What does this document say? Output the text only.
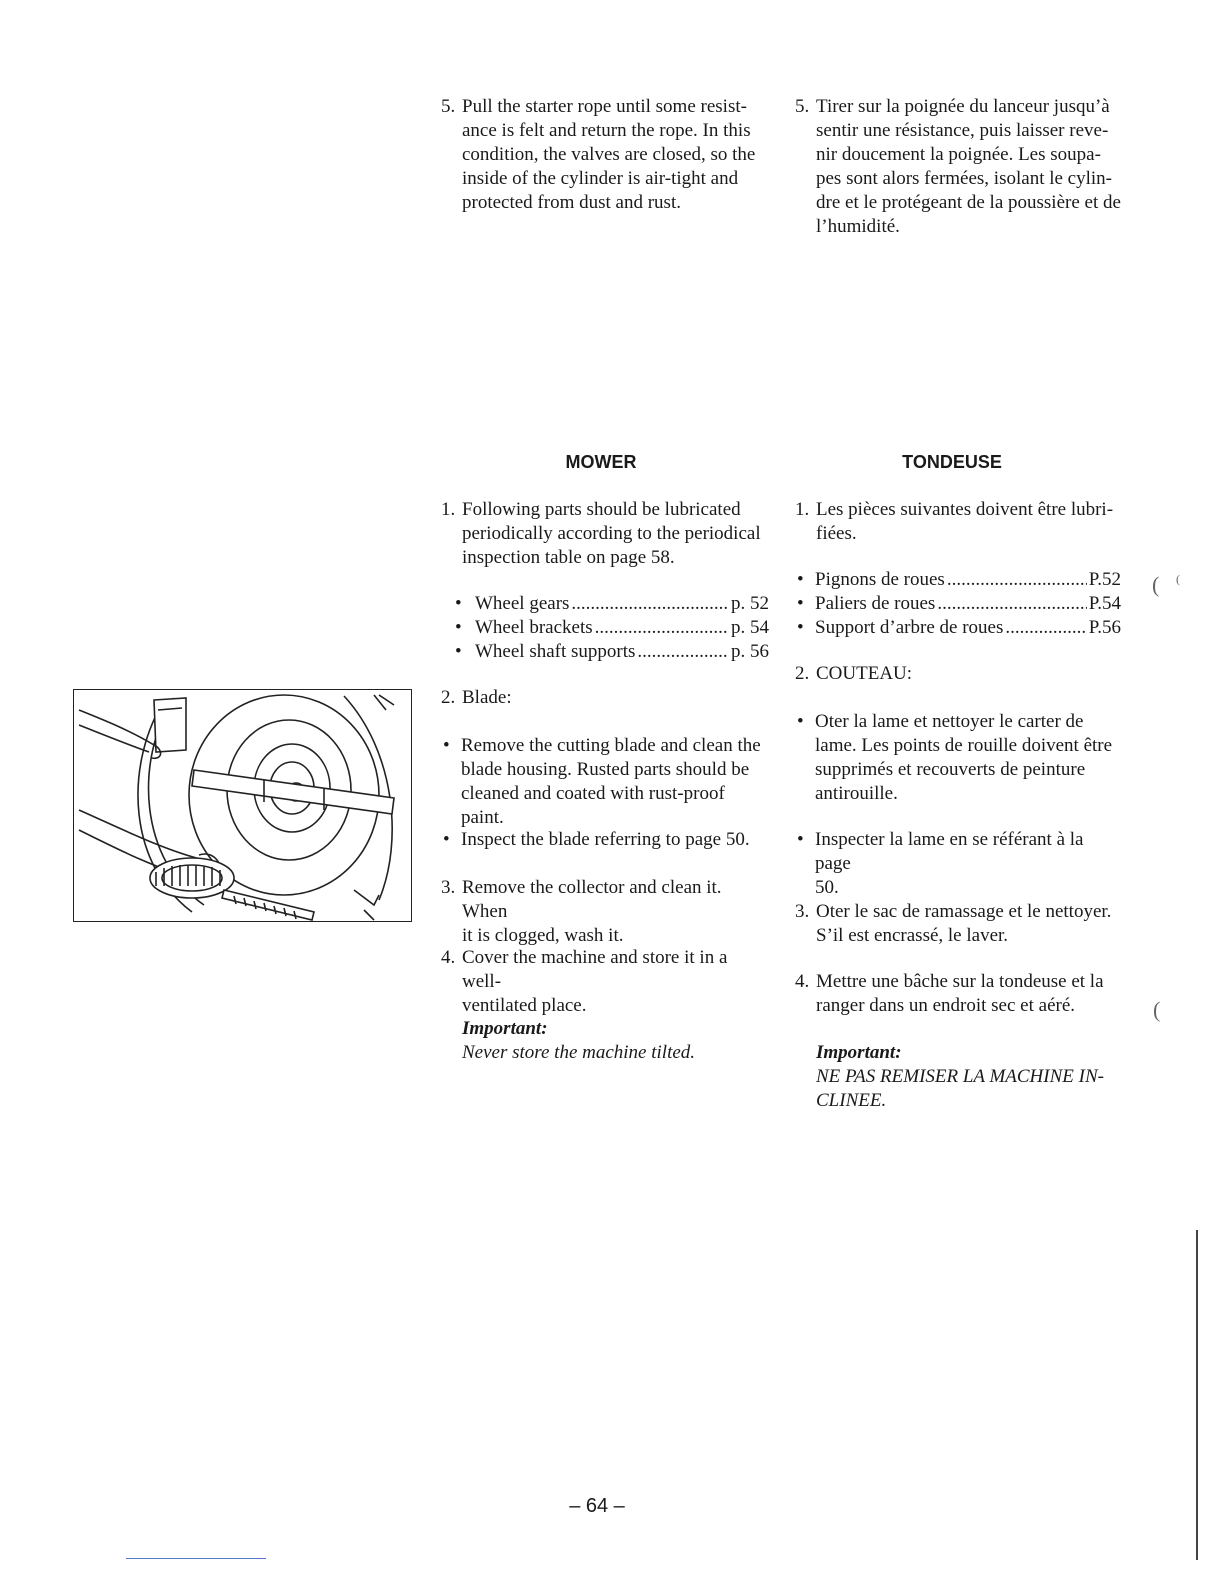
5. Pull the starter rope until some resist-
ance is felt and return the rope. In this
condition, the valves are closed, so the
inside of the cylinder is air-tight and
protected from dust and rust.
MOWER
1. Following parts should be lubricated
periodically according to the periodical
inspection table on page 58.
• Wheel gears .....	p. 52
• Wheel brackets .....	p. 54
• Wheel shaft supports .....	p. 56
2. Blade:
• Remove the cutting blade and clean the
blade housing. Rusted parts should be
cleaned and coated with rust-proof paint.
• Inspect the blade referring to page 50.
3. Remove the collector and clean it. When
it is clogged, wash it.
4. Cover the machine and store it in a well-
ventilated place.
Important:
Never store the machine tilted.
5. Tirer sur la poignée du lanceur jusqu’à
sentir une résistance, puis laisser reve-
nir doucement la poignée. Les soupa-
pes sont alors fermées, isolant le cylin-
dre et le protégeant de la poussière et de
l’humidité.
TONDEUSE
1. Les pièces suivantes doivent être lubri-
fiées.
• Pignons de roues .....	P.52
• Paliers de roues .....	P.54
• Support d’arbre de roues .....	P.56
2. COUTEAU:
• Oter la lame et nettoyer le carter de
lame. Les points de rouille doivent être
supprimés et recouverts de peinture
antirouille.
• Inspecter la lame en se référant à la page
50.
3. Oter le sac de ramassage et le nettoyer.
S’il est encrassé, le laver.
4. Mettre une bâche sur la tondeuse et la
ranger dans un endroit sec et aéré.
Important:
NE PAS REMISER LA MACHINE IN-
CLINEE.
– 64 –
(
(
(
